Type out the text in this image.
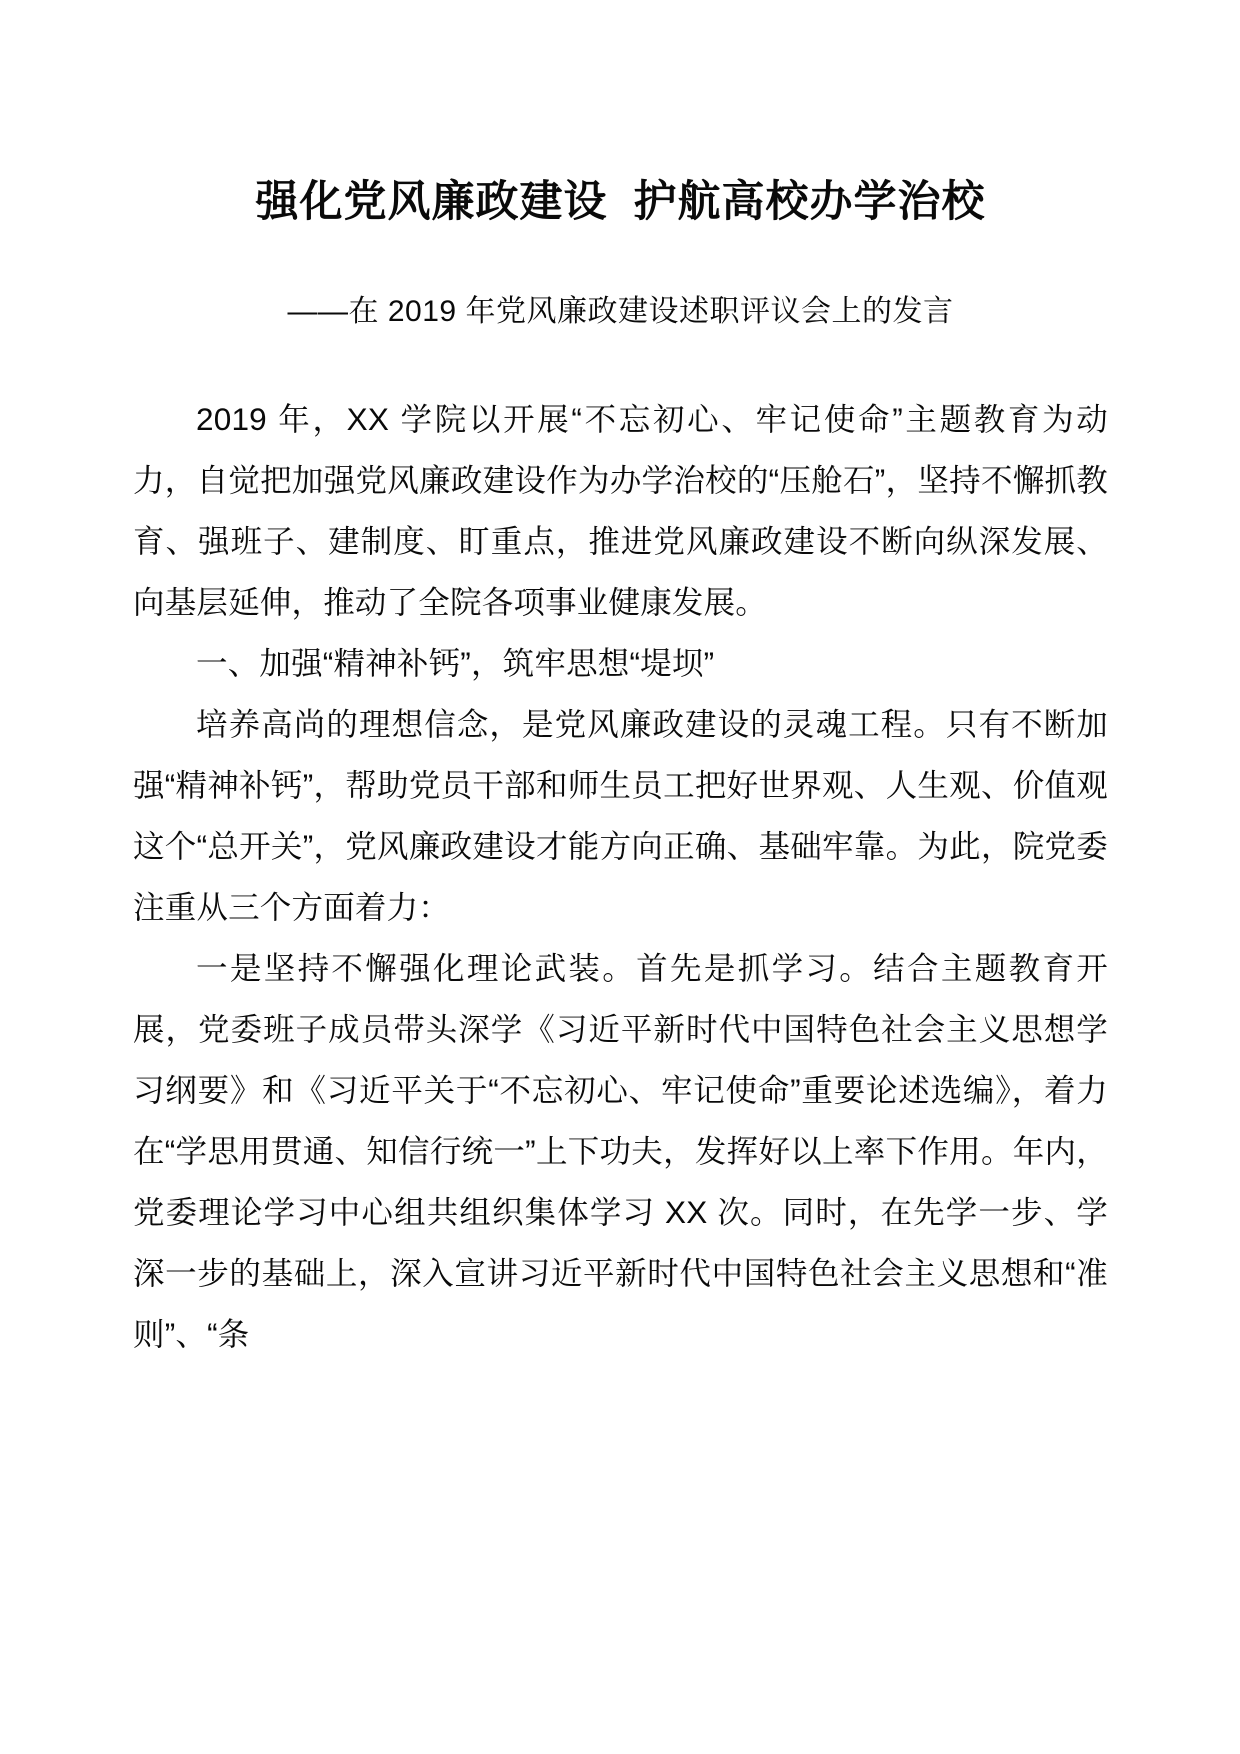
强化党风廉政建设  护航高校办学治校
——在 2019 年党风廉政建设述职评议会上的发言

2019 年，XX 学院以开展“不忘初心、牢记使命”主题教育为动力，自觉把加强党风廉政建设作为办学治校的“压舱石”，坚持不懈抓教育、强班子、建制度、盯重点，推进党风廉政建设不断向纵深发展、向基层延伸，推动了全院各项事业健康发展。

一、加强“精神补钙”，筑牢思想“堤坝”

培养高尚的理想信念，是党风廉政建设的灵魂工程。只有不断加强“精神补钙”，帮助党员干部和师生员工把好世界观、人生观、价值观这个“总开关”，党风廉政建设才能方向正确、基础牢靠。为此，院党委注重从三个方面着力：

一是坚持不懈强化理论武装。首先是抓学习。结合主题教育开展，党委班子成员带头深学《习近平新时代中国特色社会主义思想学习纲要》和《习近平关于“不忘初心、牢记使命”重要论述选编》，着力在“学思用贯通、知信行统一”上下功夫，发挥好以上率下作用。年内，党委理论学习中心组共组织集体学习 XX 次。同时，在先学一步、学深一步的基础上，深入宣讲习近平新时代中国特色社会主义思想和“准则”、“条
